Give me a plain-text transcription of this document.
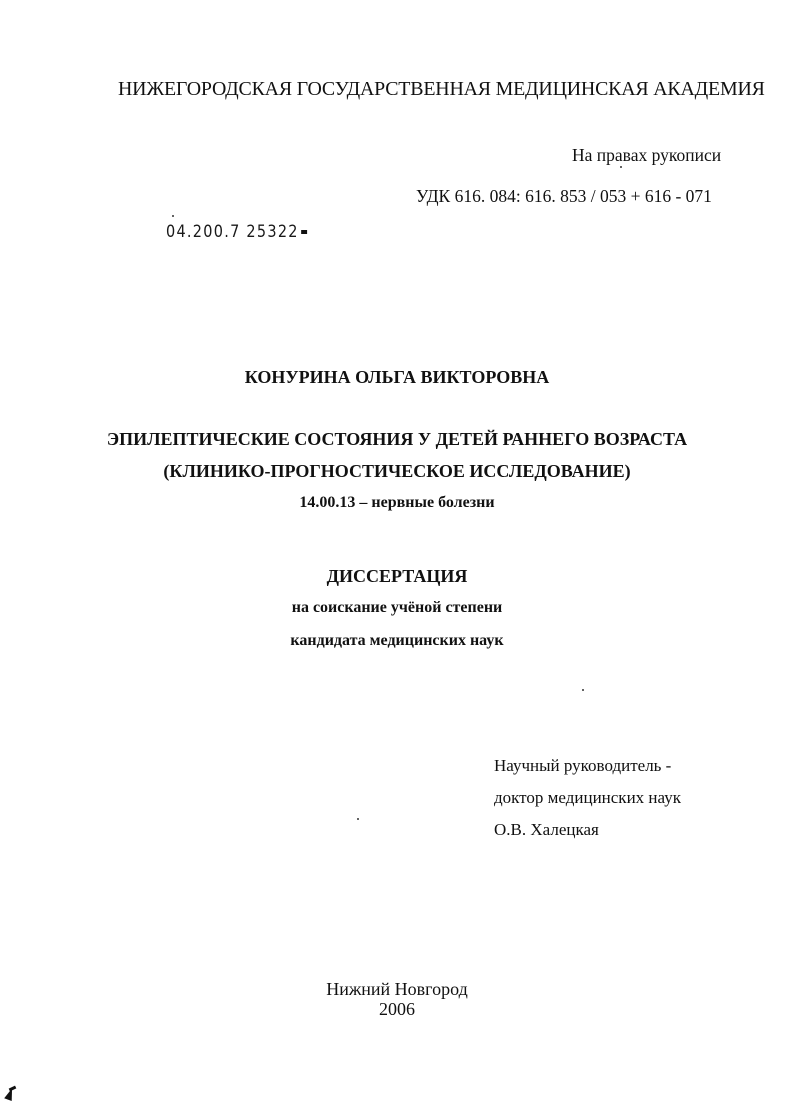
НИЖЕГОРОДСКАЯ ГОСУДАРСТВЕННАЯ МЕДИЦИНСКАЯ АКАДЕМИЯ
На правах рукописи
УДК 616. 084: 616. 853 / 053 + 616 - 071
04.200.7 25322
КОНУРИНА ОЛЬГА ВИКТОРОВНА
ЭПИЛЕПТИЧЕСКИЕ СОСТОЯНИЯ У ДЕТЕЙ РАННЕГО ВОЗРАСТА
(КЛИНИКО-ПРОГНОСТИЧЕСКОЕ ИССЛЕДОВАНИЕ)
14.00.13 – нервные болезни
ДИССЕРТАЦИЯ
на соискание учёной степени
кандидата медицинских наук
Научный руководитель -
доктор медицинских наук
О.В. Халецкая
Нижний Новгород
2006
